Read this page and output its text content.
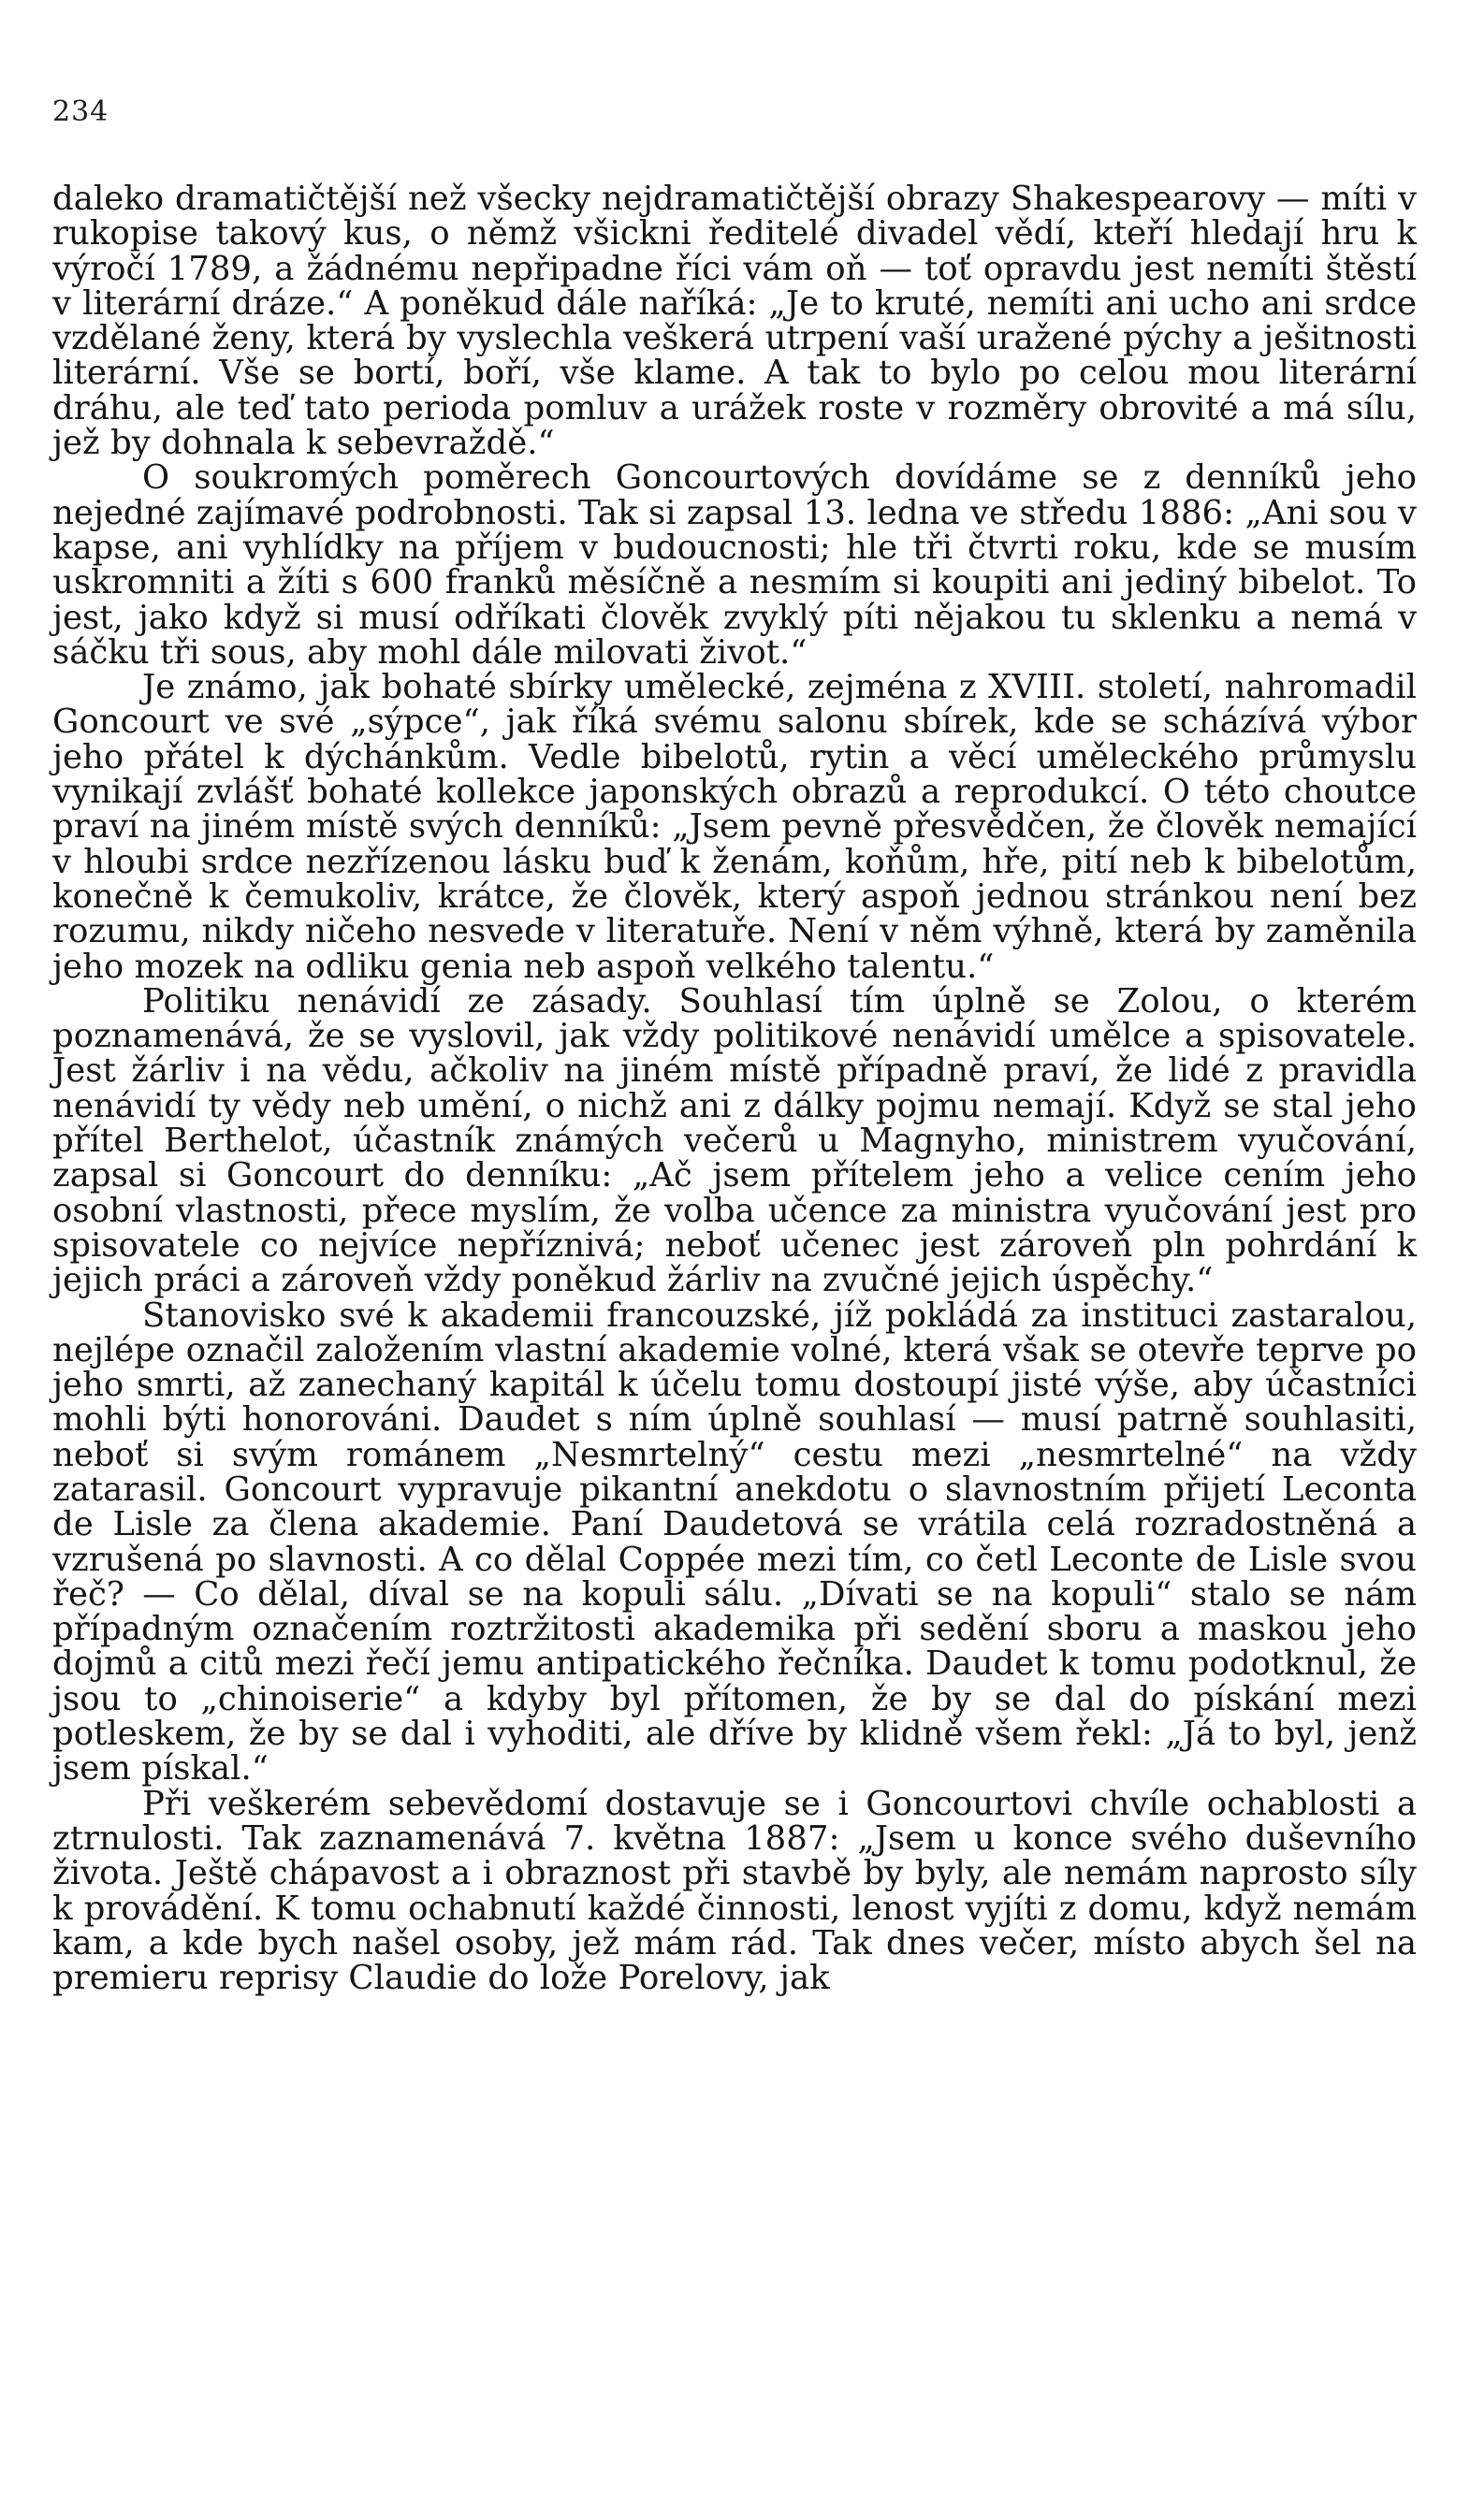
234

daleko dramatičtější než všecky nejdramatičtější obrazy Shakespearovy — míti v rukopise takový kus, o němž všickni ředitelé divadel vědí, kteří hledají hru k výročí 1789, a žádnému nepřipadne říci vám oň — toť opravdu jest nemíti štěstí v literární dráze.“ A poněkud dále naříká: „Je to kruté, nemíti ani ucho ani srdce vzdělané ženy, která by vyslechla veškerá utrpení vaší uražené pýchy a ješitnosti literární. Vše se bortí, boří, vše klame. A tak to bylo po celou mou literární dráhu, ale teď tato perioda pomluv a urážek roste v rozměry obrovité a má sílu, jež by dohnala k sebevraždě.“

O soukromých poměrech Goncourtových dovídáme se z denníků jeho nejedné zajímavé podrobnosti. Tak si zapsal 13. ledna ve středu 1886: „Ani sou v kapse, ani vyhlídky na příjem v budoucnosti; hle tři čtvrti roku, kde se musím uskromniti a žíti s 600 franků měsíčně a nesmím si koupiti ani jediný bibelot. To jest, jako když si musí odříkati člověk zvyklý píti nějakou tu sklenku a nemá v sáčku tři sous, aby mohl dále milovati život.“

Je známo, jak bohaté sbírky umělecké, zejména z XVIII. století, nahromadil Goncourt ve své „sýpce“, jak říká svému salonu sbírek, kde se scházívá výbor jeho přátel k dýchánkům. Vedle bibelotů, rytin a věcí uměleckého průmyslu vynikají zvlášť bohaté kollekce japonských obrazů a reprodukcí. O této choutce praví na jiném místě svých denníků: „Jsem pevně přesvědčen, že člověk nemající v hloubi srdce nezřízenou lásku buď k ženám, koňům, hře, pití neb k bibelotům, konečně k čemukoliv, krátce, že člověk, který aspoň jednou stránkou není bez rozumu, nikdy ničeho nesvede v literatuře. Není v něm výhně, která by zaměnila jeho mozek na odliku genia neb aspoň velkého talentu.“

Politiku nenávidí ze zásady. Souhlasí tím úplně se Zolou, o kterém poznamenává, že se vyslovil, jak vždy politikové nenávidí umělce a spisovatele. Jest žárliv i na vědu, ačkoliv na jiném místě případně praví, že lidé z pravidla nenávidí ty vědy neb umění, o nichž ani z dálky pojmu nemají. Když se stal jeho přítel Berthelot, účastník známých večerů u Magnyho, ministrem vyučování, zapsal si Goncourt do denníku: „Ač jsem přítelem jeho a velice cením jeho osobní vlastnosti, přece myslím, že volba učence za ministra vyučování jest pro spisovatele co nejvíce nepříznivá; neboť učenec jest zároveň pln pohrdání k jejich práci a zároveň vždy poněkud žárliv na zvučné jejich úspěchy.“

Stanovisko své k akademii francouzské, jíž pokládá za instituci zastaralou, nejlépe označil založením vlastní akademie volné, která však se otevře teprve po jeho smrti, až zanechaný kapitál k účelu tomu dostoupí jisté výše, aby účastníci mohli býti honorováni. Daudet s ním úplně souhlasí — musí patrně souhlasiti, neboť si svým románem „Nesmrtelný“ cestu mezi „nesmrtelné“ na vždy zatarasil. Goncourt vypravuje pikantní anekdotu o slavnostním přijetí Leconta de Lisle za člena akademie. Paní Daudetová se vrátila celá rozradostněná a vzrušená po slavnosti. A co dělal Coppée mezi tím, co četl Leconte de Lisle svou řeč? — Co dělal, díval se na kopuli sálu. „Dívati se na kopuli“ stalo se nám případným označením roztržitosti akademika při sedění sboru a maskou jeho dojmů a citů mezi řečí jemu antipatického řečníka. Daudet k tomu podotknul, že jsou to „chinoiserie“ a kdyby byl přítomen, že by se dal do pískání mezi potleskem, že by se dal i vyhoditi, ale dříve by klidně všem řekl: „Já to byl, jenž jsem pískal.“

Při veškerém sebevědomí dostavuje se i Goncourtovi chvíle ochablosti a ztrnulosti. Tak zaznamenává 7. května 1887: „Jsem u konce svého duševního života. Ještě chápavost a i obraznost při stavbě by byly, ale nemám naprosto síly k provádění. K tomu ochabnutí každé činnosti, lenost vyjíti z domu, když nemám kam, a kde bych našel osoby, jež mám rád. Tak dnes večer, místo abych šel na premieru reprisy Claudie do lože Porelovy, jak
